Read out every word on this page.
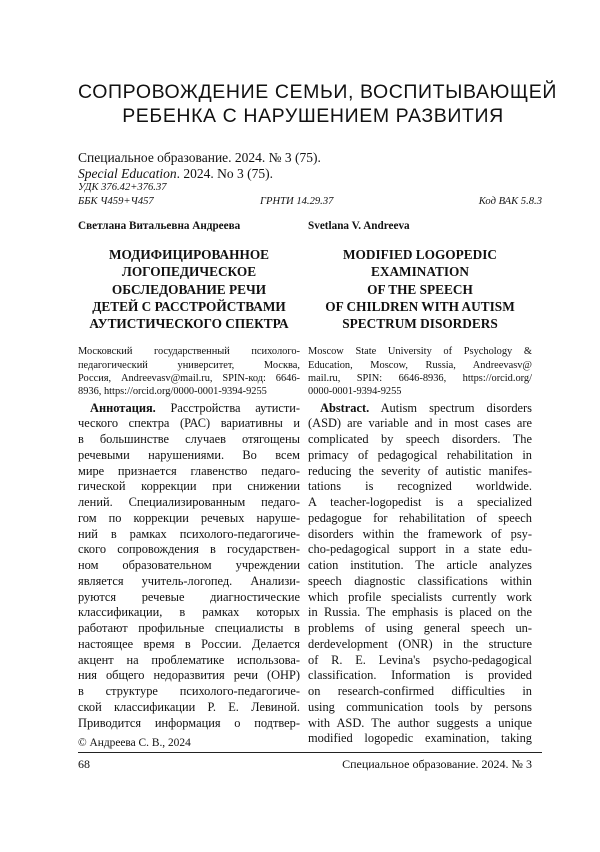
СОПРОВОЖДЕНИЕ СЕМЬИ, ВОСПИТЫВАЮЩЕЙ
РЕБЕНКА С НАРУШЕНИЕМ РАЗВИТИЯ
Специальное образование. 2024. № 3 (75).
Special Education. 2024. No 3 (75).
УДК 376.42+376.37
ББК Ч459+Ч457	ГРНТИ 14.29.37	Код ВАК 5.8.3
Светлана Витальевна Андреева
МОДИФИЦИРОВАННОЕ
ЛОГОПЕДИЧЕСКОЕ
ОБСЛЕДОВАНИЕ РЕЧИ
ДЕТЕЙ С РАССТРОЙСТВАМИ
АУТИСТИЧЕСКОГО СПЕКТРА
Московский государственный психолого-
педагогический университет, Москва,
Россия, Andreevasv@mail.ru, SPIN-код: 6646-
8936, https://orcid.org/0000-0001-9394-9255
Аннотация. Расстройства аутисти-
ческого спектра (РАС) вариативны и
в большинстве случаев отягощены
речевыми нарушениями. Во всем
мире признается главенство педаго-
гической коррекции при снижении
лений. Специализированным педаго-
гом по коррекции речевых наруше-
ний в рамках психолого-педагогиче-
ского сопровождения в государствен-
ном образовательном учреждении
является учитель-логопед. Анализи-
руются речевые диагностические
классификации, в рамках которых
работают профильные специалисты в
настоящее время в России. Делается
акцент на проблематике использова-
ния общего недоразвития речи (ОНР)
в структуре психолого-педагогиче-
ской классификации Р. Е. Левиной.
Приводится информация о подтвер-
Svetlana V. Andreeva
MODIFIED LOGOPEDIC
EXAMINATION
OF THE SPEECH
OF CHILDREN WITH AUTISM
SPECTRUM DISORDERS
Moscow State University of Psychology &
Education, Moscow, Russia, Andreevasv@
mail.ru, SPIN: 6646-8936, https://orcid.org/
0000-0001-9394-9255
Abstract. Autism spectrum disorders
(ASD) are variable and in most cases are
complicated by speech disorders. The
primacy of pedagogical rehabilitation in
reducing the severity of autistic manifes-
tations is recognized worldwide.
A teacher-logopedist is a specialized
pedagogue for rehabilitation of speech
disorders within the framework of psy-
cho-pedagogical support in a state edu-
cation institution. The article analyzes
speech diagnostic classifications within
which profile specialists currently work
in Russia. The emphasis is placed on the
problems of using general speech un-
derdevelopment (ONR) in the structure
of R. E. Levina's psycho-pedagogical
classification. Information is provided
on research-confirmed difficulties in
using communication tools by persons
with ASD. The author suggests a unique
modified logopedic examination, taking
© Андреева С. В., 2024
68	Специальное образование. 2024. № 3
